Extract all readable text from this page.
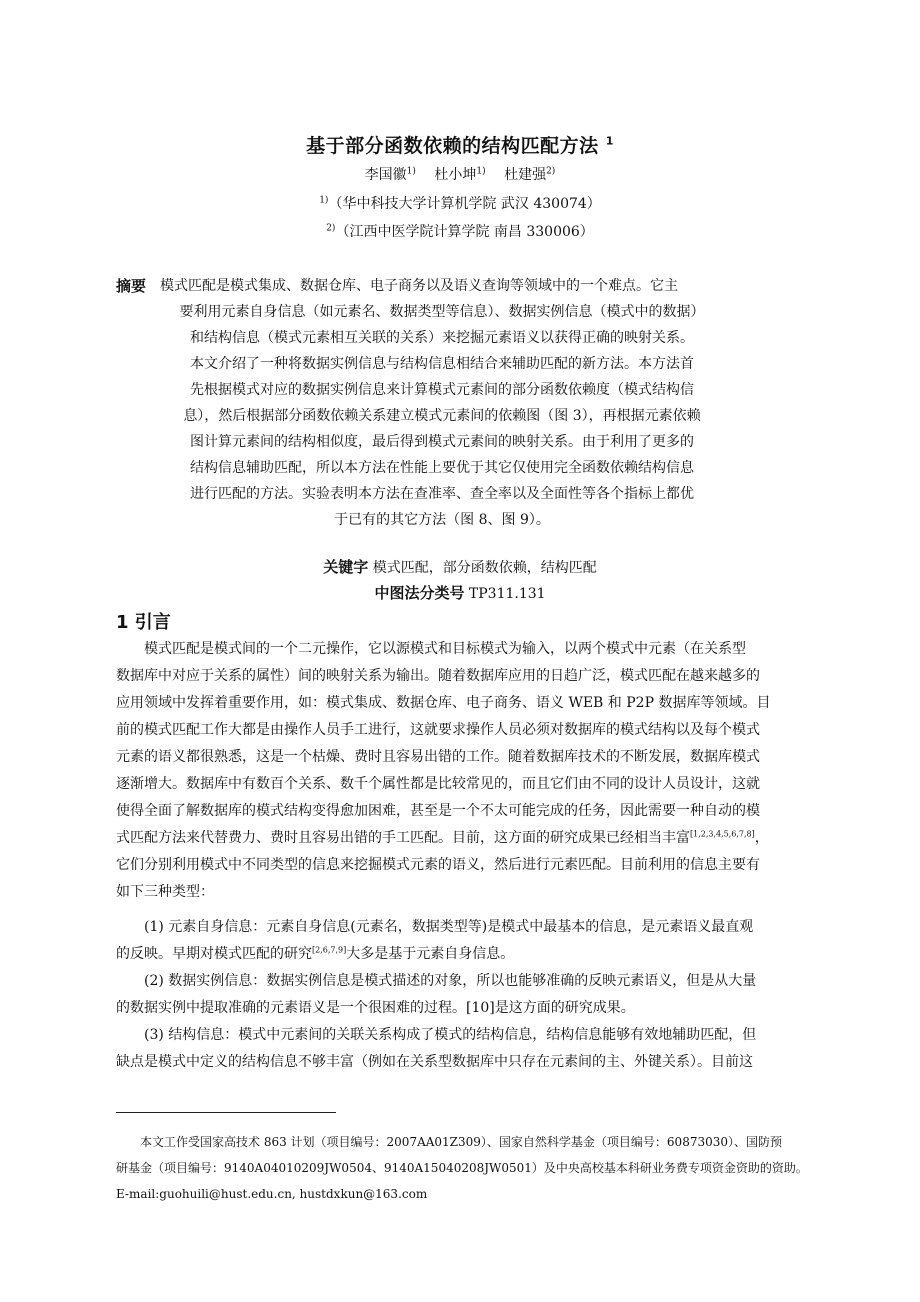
基于部分函数依赖的结构匹配方法 $^1$
李国徽$^{1)}$ 杜小坤$^{1)}$ 杜建强$^{2)}$
$^{1)}$（华中科技大学计算机学院 武汉 430074）
$^{2)}$（江西中医学院计算学院 南昌 330006）
摘要 模式匹配是模式集成、数据仓库、电子商务以及语义查询等领域中的一个难点。它主
要利用元素自身信息（如元素名、数据类型等信息）、数据实例信息（模式中的数据）
和结构信息（模式元素相互关联的关系）来挖掘元素语义以获得正确的映射关系。
本文介绍了一种将数据实例信息与结构信息相结合来辅助匹配的新方法。本方法首
先根据模式对应的数据实例信息来计算模式元素间的部分函数依赖度（模式结构信
息），然后根据部分函数依赖关系建立模式元素间的依赖图（图 3），再根据元素依赖
图计算元素间的结构相似度，最后得到模式元素间的映射关系。由于利用了更多的
结构信息辅助匹配，所以本方法在性能上要优于其它仅使用完全函数依赖结构信息
进行匹配的方法。实验表明本方法在查准率、查全率以及全面性等各个指标上都优
于已有的其它方法（图 8、图 9）。
关键字 模式匹配，部分函数依赖，结构匹配
中图法分类号 TP311.131
1 引言
模式匹配是模式间的一个二元操作，它以源模式和目标模式为输入，以两个模式中元素（在关系型
数据库中对应于关系的属性）间的映射关系为输出。随着数据库应用的日趋广泛，模式匹配在越来越多的
应用领域中发挥着重要作用，如：模式集成、数据仓库、电子商务、语义 WEB 和 P2P 数据库等领域。目
前的模式匹配工作大都是由操作人员手工进行，这就要求操作人员必须对数据库的模式结构以及每个模式
元素的语义都很熟悉，这是一个枯燥、费时且容易出错的工作。随着数据库技术的不断发展，数据库模式
逐渐增大。数据库中有数百个关系、数千个属性都是比较常见的，而且它们由不同的设计人员设计，这就
使得全面了解数据库的模式结构变得愈加困难，甚至是一个不太可能完成的任务，因此需要一种自动的模
式匹配方法来代替费力、费时且容易出错的手工匹配。目前，这方面的研究成果已经相当丰富[1,2,3,4,5,6,7,8]，
它们分别利用模式中不同类型的信息来挖掘模式元素的语义，然后进行元素匹配。目前利用的信息主要有
如下三种类型：
(1) 元素自身信息：元素自身信息(元素名，数据类型等)是模式中最基本的信息，是元素语义最直观
的反映。早期对模式匹配的研究[2,6,7,9]大多是基于元素自身信息。
(2) 数据实例信息：数据实例信息是模式描述的对象，所以也能够准确的反映元素语义，但是从大量
的数据实例中提取准确的元素语义是一个很困难的过程。[10]是这方面的研究成果。
(3) 结构信息：模式中元素间的关联关系构成了模式的结构信息，结构信息能够有效地辅助匹配，但
缺点是模式中定义的结构信息不够丰富（例如在关系型数据库中只存在元素间的主、外键关系）。目前这
本文工作受国家高技术 863 计划（项目编号：2007AA01Z309）、国家自然科学基金（项目编号：60873030）、国防预
研基金（项目编号：9140A04010209JW0504、9140A15040208JW0501）及中央高校基本科研业务费专项资金资助的资助。
E-mail:guohuili@hust.edu.cn, hustdxkun@163.com
